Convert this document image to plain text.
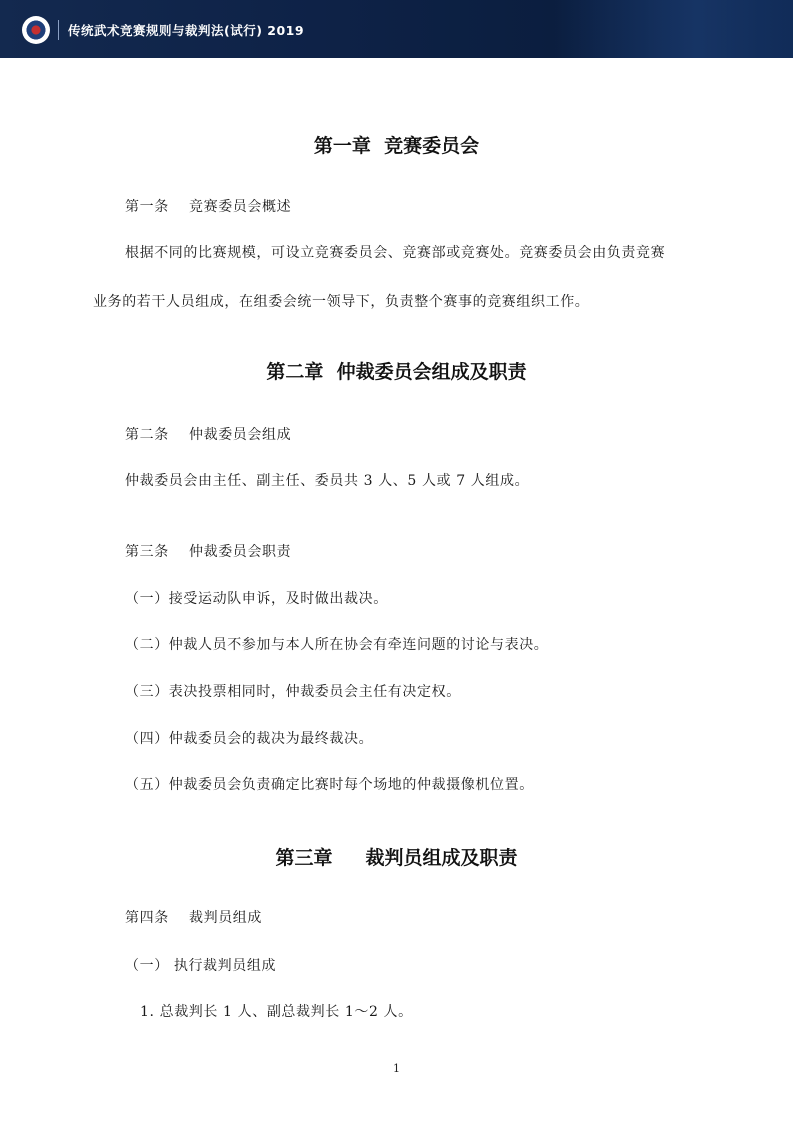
传统武术竞赛规则与裁判法(试行) 2019
第一章  竞赛委员会
第一条    竞赛委员会概述
根据不同的比赛规模，可设立竞赛委员会、竞赛部或竞赛处。竞赛委员会由负责竞赛
业务的若干人员组成，在组委会统一领导下，负责整个赛事的竞赛组织工作。
第二章  仲裁委员会组成及职责
第二条    仲裁委员会组成
仲裁委员会由主任、副主任、委员共 3 人、5 人或 7 人组成。
第三条    仲裁委员会职责
（一）接受运动队申诉，及时做出裁决。
（二）仲裁人员不参加与本人所在协会有牵连问题的讨论与表决。
（三）表决投票相同时，仲裁委员会主任有决定权。
（四）仲裁委员会的裁决为最终裁决。
（五）仲裁委员会负责确定比赛时每个场地的仲裁摄像机位置。
第三章     裁判员组成及职责
第四条    裁判员组成
（一） 执行裁判员组成
1. 总裁判长 1 人、副总裁判长 1～2 人。
1
